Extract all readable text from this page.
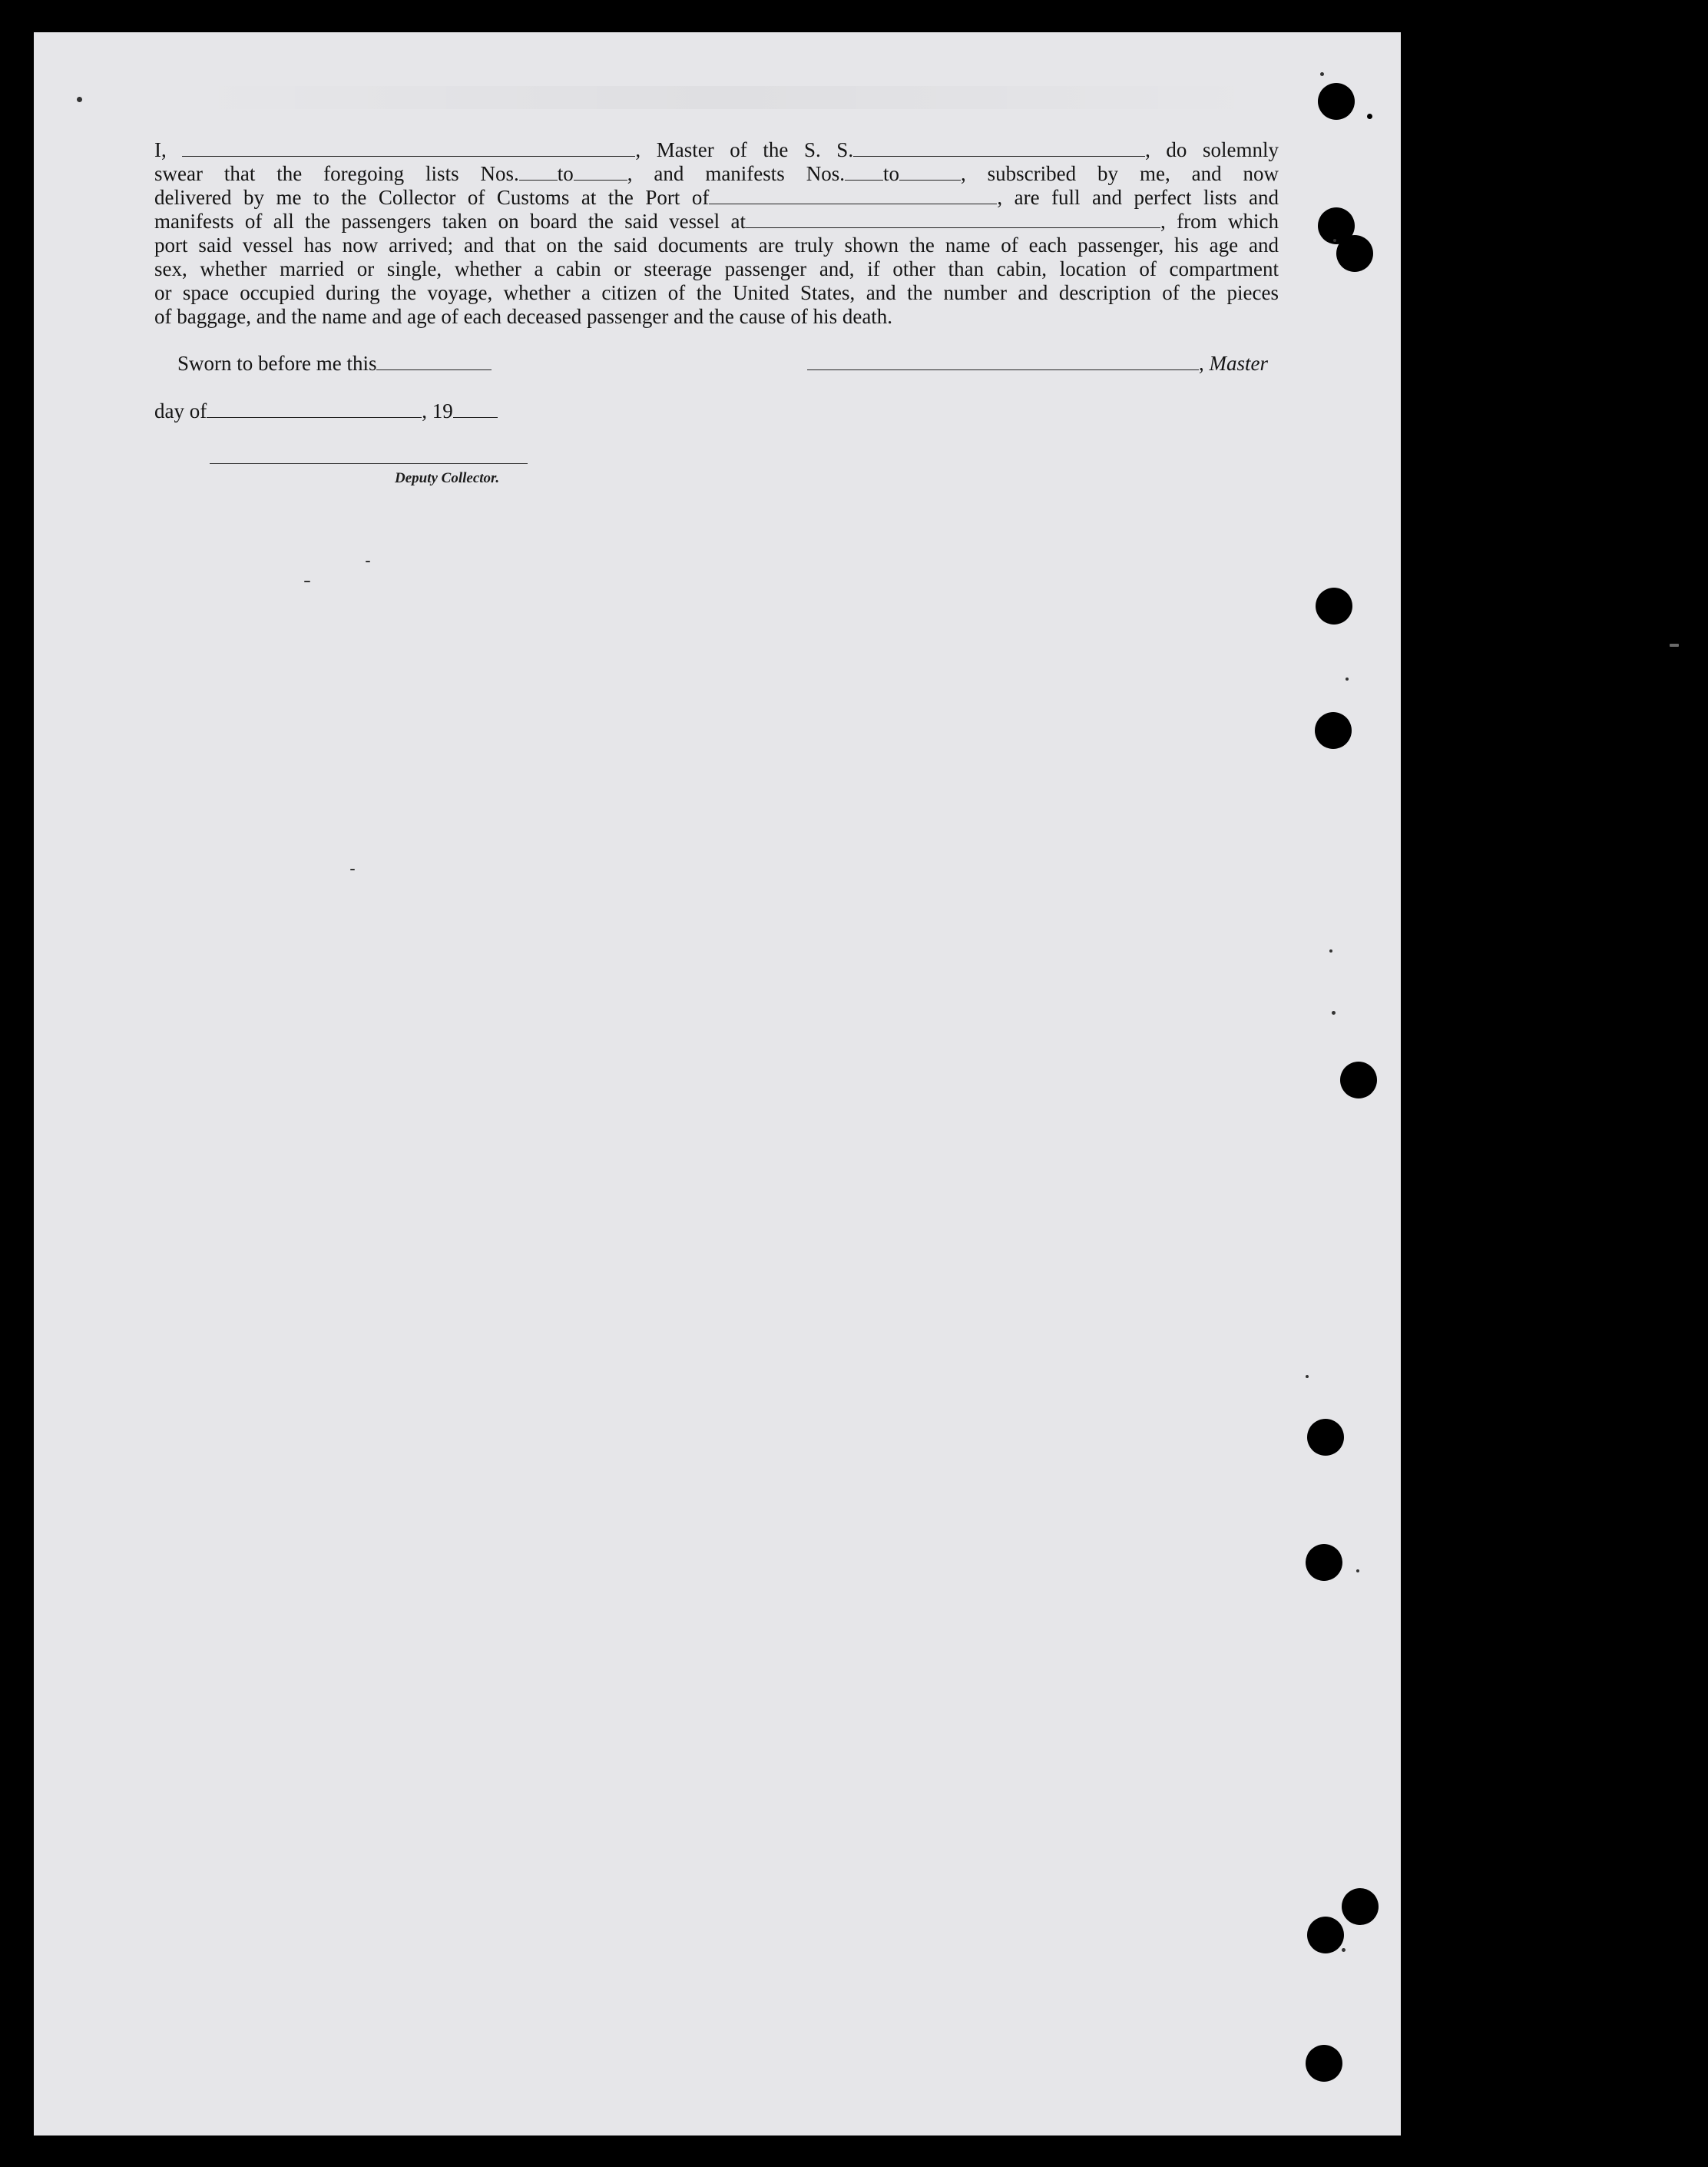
I,	, Master of the S. S.	, do solemnly
swear that the foregoing lists Nos. to	, and manifests Nos. to	, subscribed by me, and now
delivered by me to the Collector of Customs at the Port of	, are full and perfect lists and
manifests of all the passengers taken on board the said vessel at	, from which
port said vessel has now arrived; and that on the said documents are truly shown the name of each passenger, his age and
sex, whether married or single, whether a cabin or steerage passenger and, if other than cabin, location of compartment
or space occupied during the voyage, whether a citizen of the United States, and the number and description of the pieces
of baggage, and the name and age of each deceased passenger and the cause of his death.
Sworn to before me this	, Master
day of	, 19
Deputy Collector.
